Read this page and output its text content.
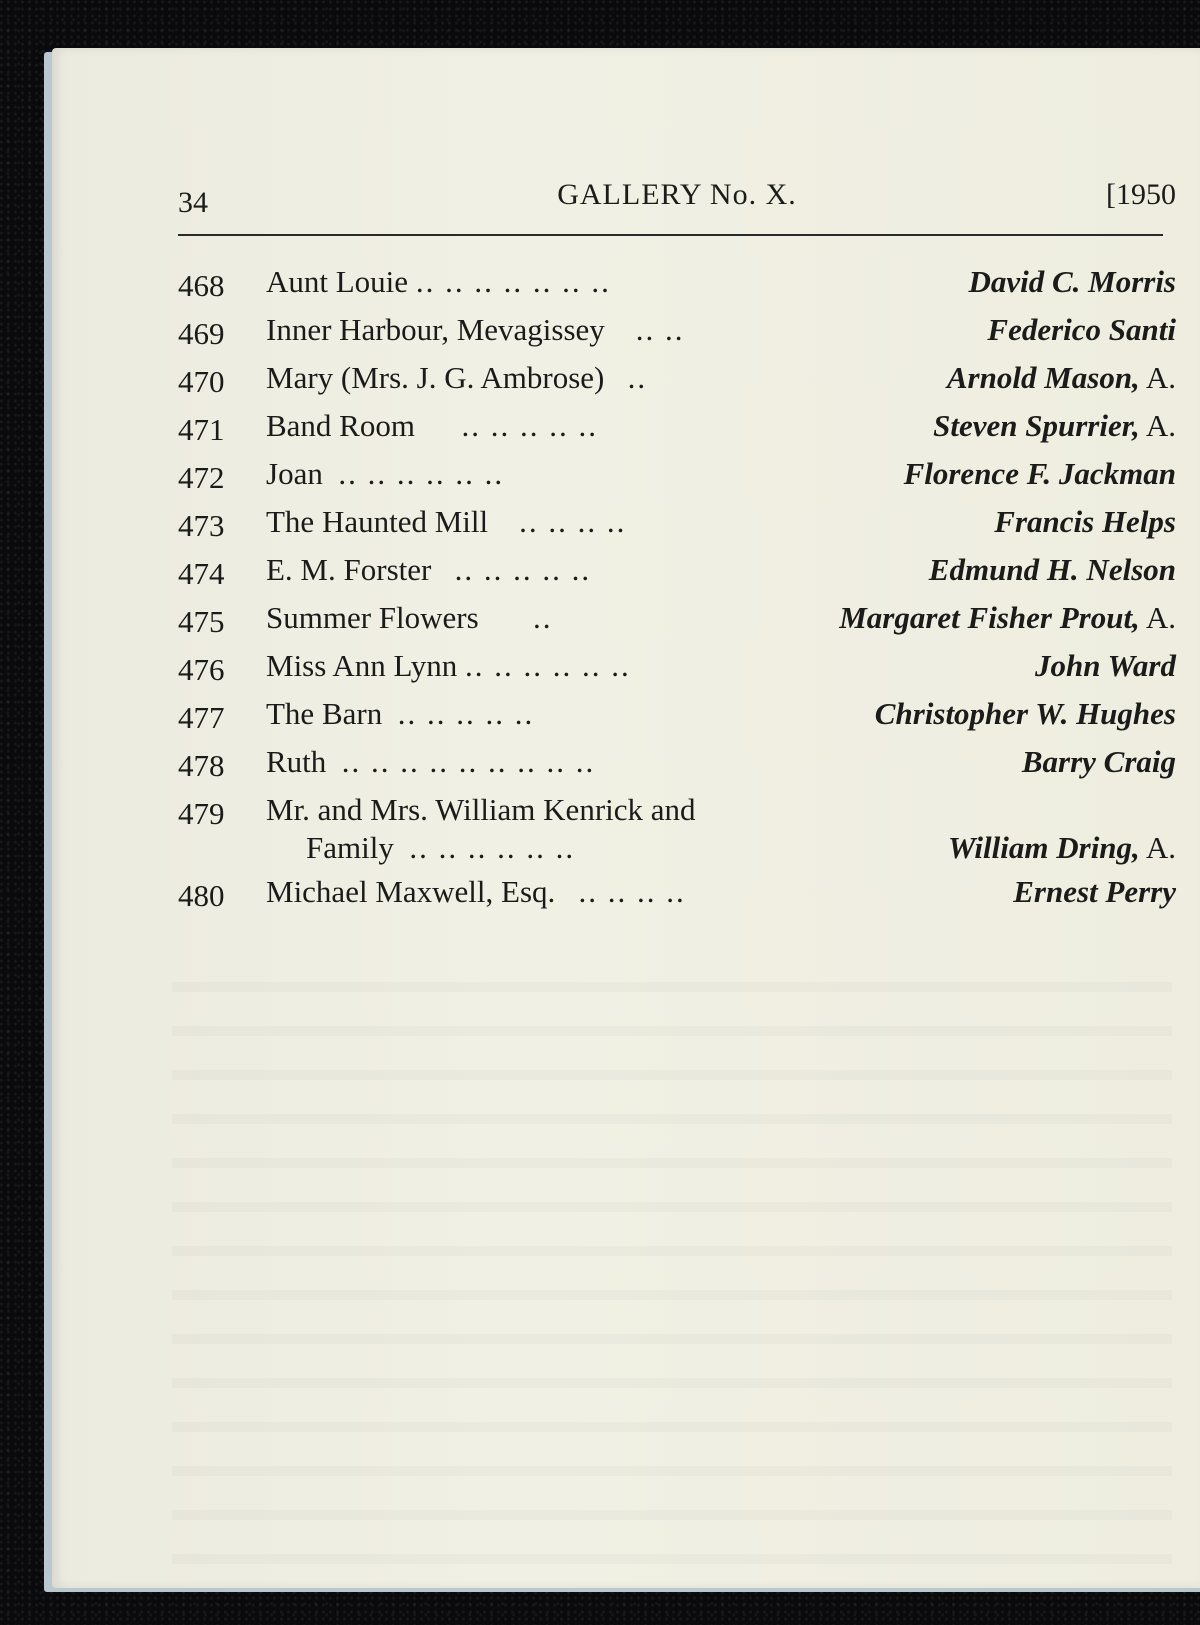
34	GALLERY No. X.	[1950
468	Aunt Louie .. .. .. .. .. .. ..	David C. Morris
469	Inner Harbour, Mevagissey .. ..	Federico Santi
470	Mary (Mrs. J. G. Ambrose) ..	Arnold Mason, A.
471	Band Room .. .. .. .. ..	Steven Spurrier, A.
472	Joan .. .. .. .. .. ..	Florence F. Jackman
473	The Haunted Mill .. .. .. ..	Francis Helps
474	E. M. Forster .. .. .. .. ..	Edmund H. Nelson
475	Summer Flowers ..	Margaret Fisher Prout, A.
476	Miss Ann Lynn .. .. .. .. .. ..	John Ward
477	The Barn .. .. .. .. ..	Christopher W. Hughes
478	Ruth .. .. .. .. .. .. .. .. ..	Barry Craig
479	Mr. and Mrs. William Kenrick and
Family .. .. .. .. .. ..	William Dring, A.
480	Michael Maxwell, Esq. .. .. .. ..	Ernest Perry
